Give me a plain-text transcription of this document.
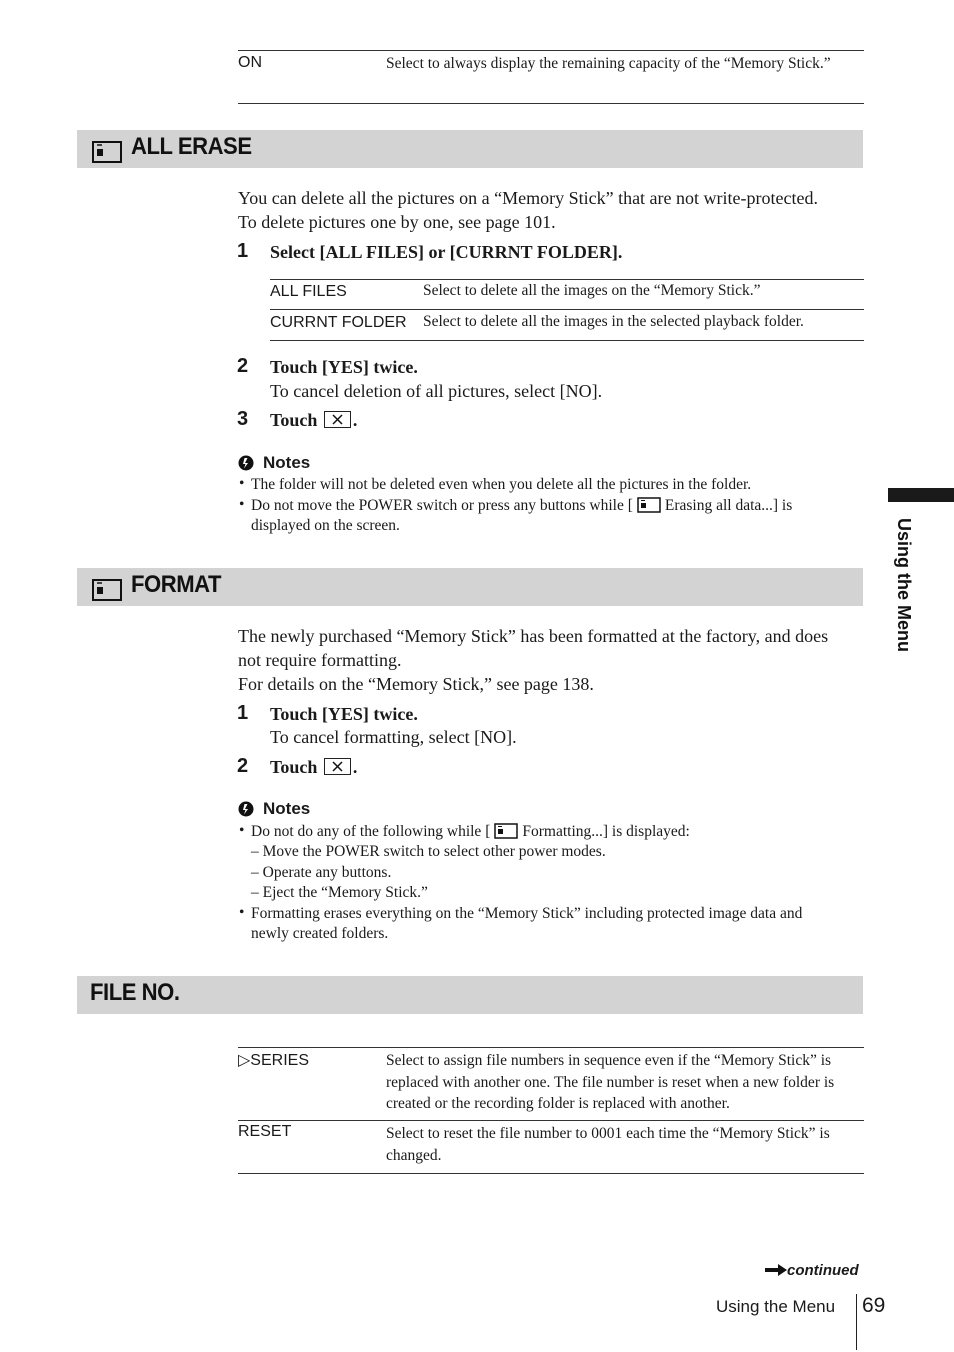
ON	Select to always display the remaining capacity of the “Memory Stick.”
ALL ERASE
You can delete all the pictures on a “Memory Stick” that are not write-protected.
To delete pictures one by one, see page 101.
1 Select [ALL FILES] or [CURRNT FOLDER].
ALL FILES	Select to delete all the images on the “Memory Stick.”
CURRNT FOLDER Select to delete all the images in the selected playback folder.
2 Touch [YES] twice.
To cancel deletion of all pictures, select [NO].
3 Touch .
Notes
• The folder will not be deleted even when you delete all the pictures in the folder.
• Do not move the POWER switch or press any buttons while [ Erasing all data...] is
displayed on the screen.
FORMAT
The newly purchased “Memory Stick” has been formatted at the factory, and does
not require formatting.
For details on the “Memory Stick,” see page 138.
1 Touch [YES] twice.
To cancel formatting, select [NO].
2 Touch .
Notes
• Do not do any of the following while [ Formatting...] is displayed:
– Move the POWER switch to select other power modes.
– Operate any buttons.
– Eject the “Memory Stick.”
• Formatting erases everything on the “Memory Stick” including protected image data and
newly created folders.
FILE NO.
▷SERIES	Select to assign file numbers in sequence even if the “Memory Stick” is replaced with another one. The file number is reset when a new folder is created or the recording folder is replaced with another.
RESET	Select to reset the file number to 0001 each time the “Memory Stick” is changed.
Using the Menu
continued
Using the Menu 69
